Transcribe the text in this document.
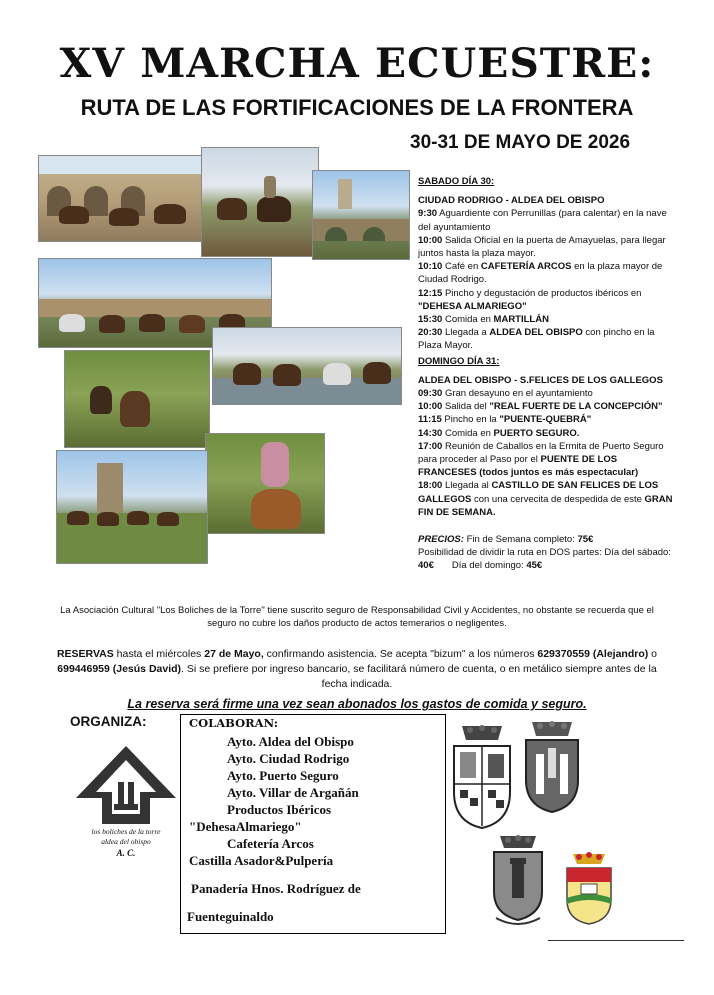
XV MARCHA ECUESTRE:
RUTA DE LAS FORTIFICACIONES DE LA FRONTERA
30-31 DE MAYO DE 2026

SABADO DÍA 30:

CIUDAD RODRIGO - ALDEA DEL OBISPO

9:30 Aguardiente con Perrunillas (para calentar) en la nave del ayuntamiento

10:00 Salida Oficial en la puerta de Amayuelas, para llegar juntos hasta la plaza mayor.

10:10 Café en CAFETERÍA ARCOS en la plaza mayor de Ciudad Rodrigo.

12:15 Pincho y degustación de productos ibéricos en "DEHESA ALMARIEGO"

15:30 Comida en MARTILLÁN

20:30 Llegada a ALDEA DEL OBISPO con pincho en la Plaza Mayor.

DOMINGO DÍA 31:

ALDEA DEL OBISPO - S.FELICES DE LOS GALLEGOS

09:30 Gran desayuno en el ayuntamiento

10:00 Salida del "REAL FUERTE DE LA CONCEPCIÓN"

11:15 Pincho en la "PUENTE-QUEBRÁ"

14:30 Comida en PUERTO SEGURO.

17:00 Reunión de Caballos en la Ermita de Puerto Seguro para proceder al Paso por el PUENTE DE LOS FRANCESES (todos juntos es más espectacular)

18:00 Llegada al CASTILLO DE SAN FELICES DE LOS GALLEGOS con una cervecita de despedida de este GRAN FIN DE SEMANA.

PRECIOS: Fin de Semana completo: 75€

Posibilidad de dividir la ruta en DOS partes: Día del sábado: 40€ Día del domingo: 45€

La Asociación Cultural "Los Boliches de la Torre" tiene suscrito seguro de Responsabilidad Civil y Accidentes, no obstante se recuerda que el seguro no cubre los daños producto de actos temerarios o negligentes.
RESERVAS hasta el miércoles 27 de Mayo, confirmando asistencia. Se acepta "bizum" a los números 629370559 (Alejandro) o 699446959 (Jesús David). Si se prefiere por ingreso bancario, se facilitará número de cuenta, o en metálico siempre antes de la fecha indicada.
La reserva será firme una vez sean abonados los gastos de comida y seguro.
ORGANIZA:
los boliches de la torre
aldea del obispo
A. C.
COLABORAN:
Ayto. Aldea del Obispo
Ayto. Ciudad Rodrigo
Ayto. Puerto Seguro
Ayto. Villar de Argañán
Productos Ibéricos
"DehesaAlmariego"
Cafetería Arcos
Castilla Asador&Pulpería
Panadería Hnos. Rodríguez de
Fuenteguinaldo
